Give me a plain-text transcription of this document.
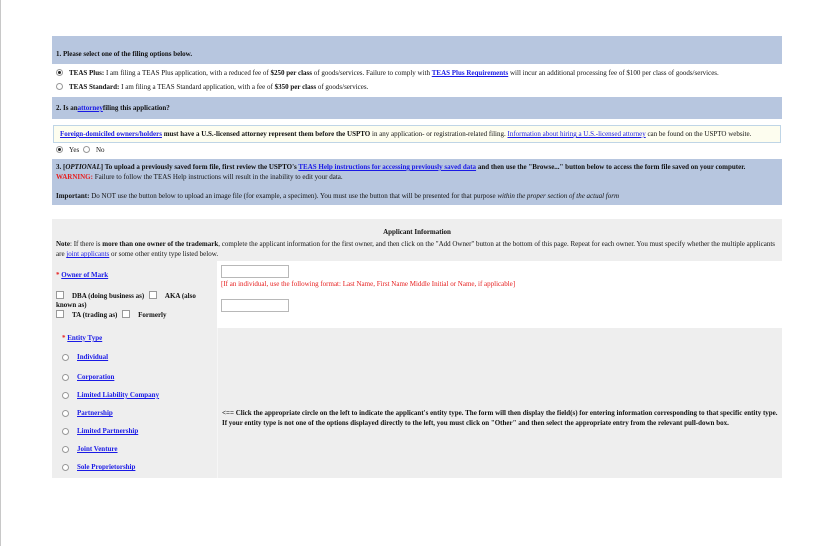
1. Please select one of the filing options below.
TEAS Plus: I am filing a TEAS Plus application, with a reduced fee of $250 per class of goods/services. Failure to comply with TEAS Plus Requirements will incur an additional processing fee of $100 per class of goods/services.
TEAS Standard: I am filing a TEAS Standard application, with a fee of $350 per class of goods/services.
2. Is an attorney filing this application?
Foreign-domiciled owners/holders must have a U.S.-licensed attorney represent them before the USPTO in any application- or registration-related filing. Information about hiring a U.S.-licensed attorney can be found on the USPTO website.
Yes No
3. [OPTIONAL] To upload a previously saved form file, first review the USPTO's TEAS Help instructions for accessing previously saved data and then use the "Browse..." button below to access the form file saved on your computer.
WARNING: Failure to follow the TEAS Help instructions will result in the inability to edit your data.
Important: Do NOT use the button below to upload an image file (for example, a specimen). You must use the button that will be presented for that purpose within the proper section of the actual form
Applicant Information
Note: If there is more than one owner of the trademark, complete the applicant information for the first owner, and then click on the "Add Owner" button at the bottom of this page. Repeat for each owner. You must specify whether the multiple applicants are joint applicants or some other entity type listed below.
* Owner of Mark
DBA (doing business as)	AKA (also known as)
TA (trading as)	Formerly
[If an individual, use the following format: Last Name, First Name Middle Initial or Name, if applicable]
* Entity Type
Individual
Corporation
Limited Liability Company
Partnership
Limited Partnership
Joint Venture
Sole Proprietorship
<== Click the appropriate circle on the left to indicate the applicant's entity type. The form will then display the field(s) for entering information corresponding to that specific entity type. If your entity type is not one of the options displayed directly to the left, you must click on "Other" and then select the appropriate entry from the relevant pull-down box.
